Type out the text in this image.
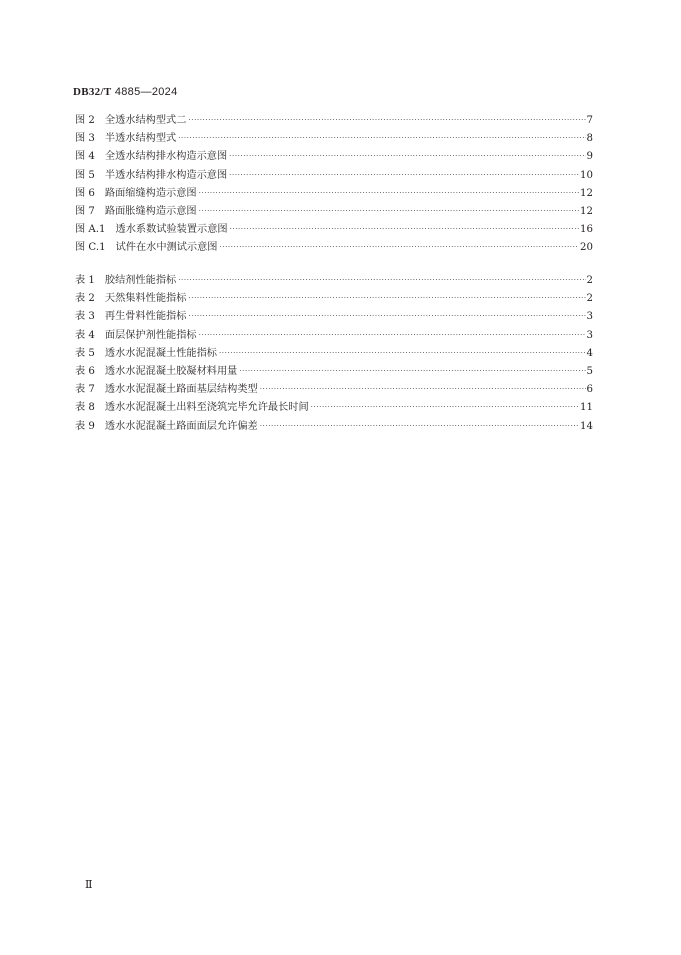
DB32/T 4885—2024
图 2 全透水结构型式二 ·····	7
图 3 半透水结构型式 ·····	8
图 4 全透水结构排水构造示意图 ·····	9
图 5 半透水结构排水构造示意图 ·····	10
图 6 路面缩缝构造示意图 ·····	12
图 7 路面胀缝构造示意图 ·····	12
图 A.1 透水系数试验装置示意图 ·····	16
图 C.1 试件在水中测试示意图 ·····	20
表 1 胶结剂性能指标 ·····	2
表 2 天然集料性能指标 ·····	2
表 3 再生骨料性能指标 ·····	3
表 4 面层保护剂性能指标 ·····	3
表 5 透水水泥混凝土性能指标 ·····	4
表 6 透水水泥混凝土胶凝材料用量 ·····	5
表 7 透水水泥混凝土路面基层结构类型 ·····	6
表 8 透水水泥混凝土出料至浇筑完毕允许最长时间 ·····	11
表 9 透水水泥混凝土路面面层允许偏差 ·····	14
Ⅱ
